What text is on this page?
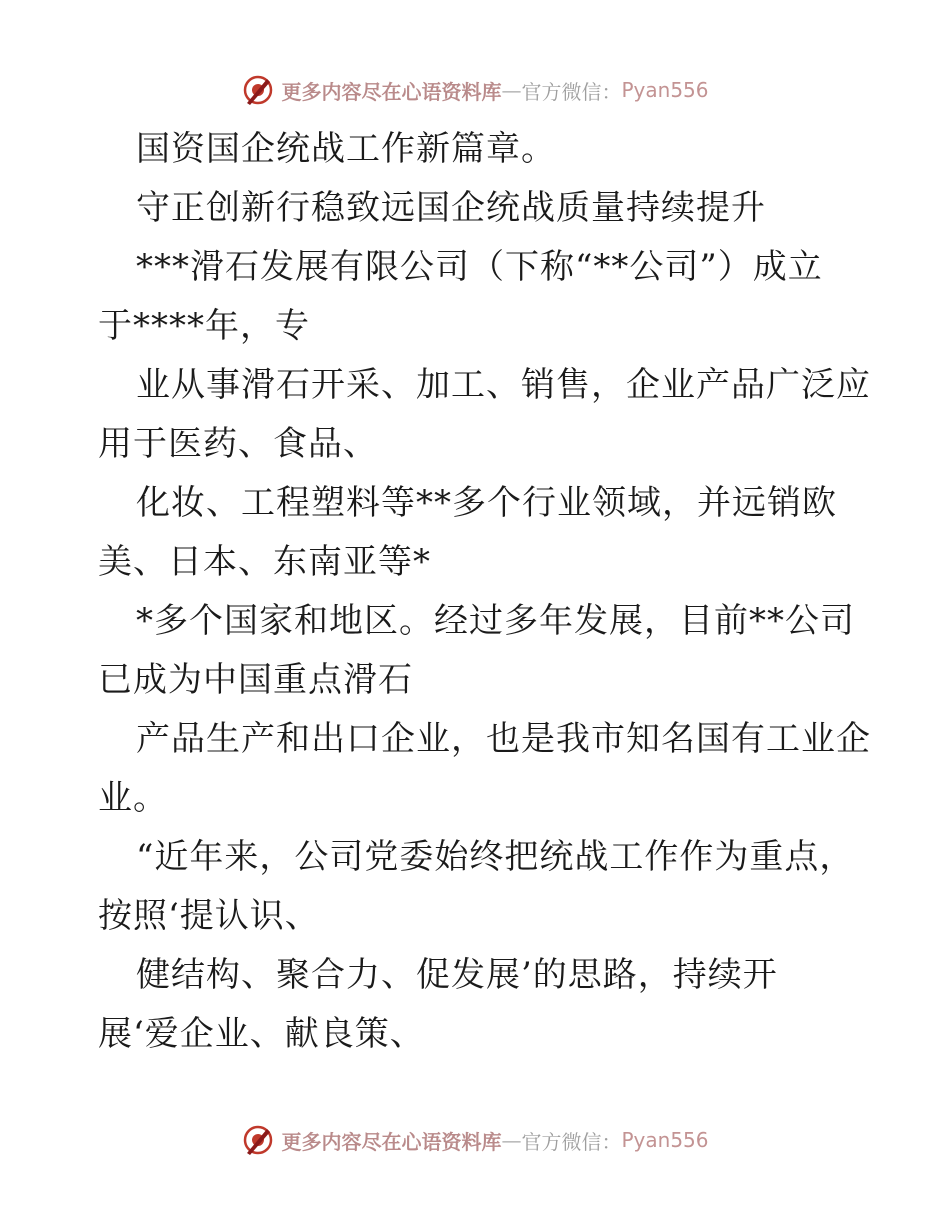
更多内容尽在心语资料库 — 官方微信： Pyan556
国资国企统战工作新篇章。
守正创新行稳致远国企统战质量持续提升
***滑石发展有限公司（下称“**公司”）成立
于****年，专
业从事滑石开采、加工、销售，企业产品广泛应
用于医药、食品、
化妆、工程塑料等**多个行业领域，并远销欧
美、日本、东南亚等*
*多个国家和地区。经过多年发展，目前**公司
已成为中国重点滑石
产品生产和出口企业，也是我市知名国有工业企
业。
“近年来，公司党委始终把统战工作作为重点，
按照‘提认识、
健结构、聚合力、促发展’的思路，持续开
展‘爱企业、献良策、
更多内容尽在心语资料库 — 官方微信： Pyan556
